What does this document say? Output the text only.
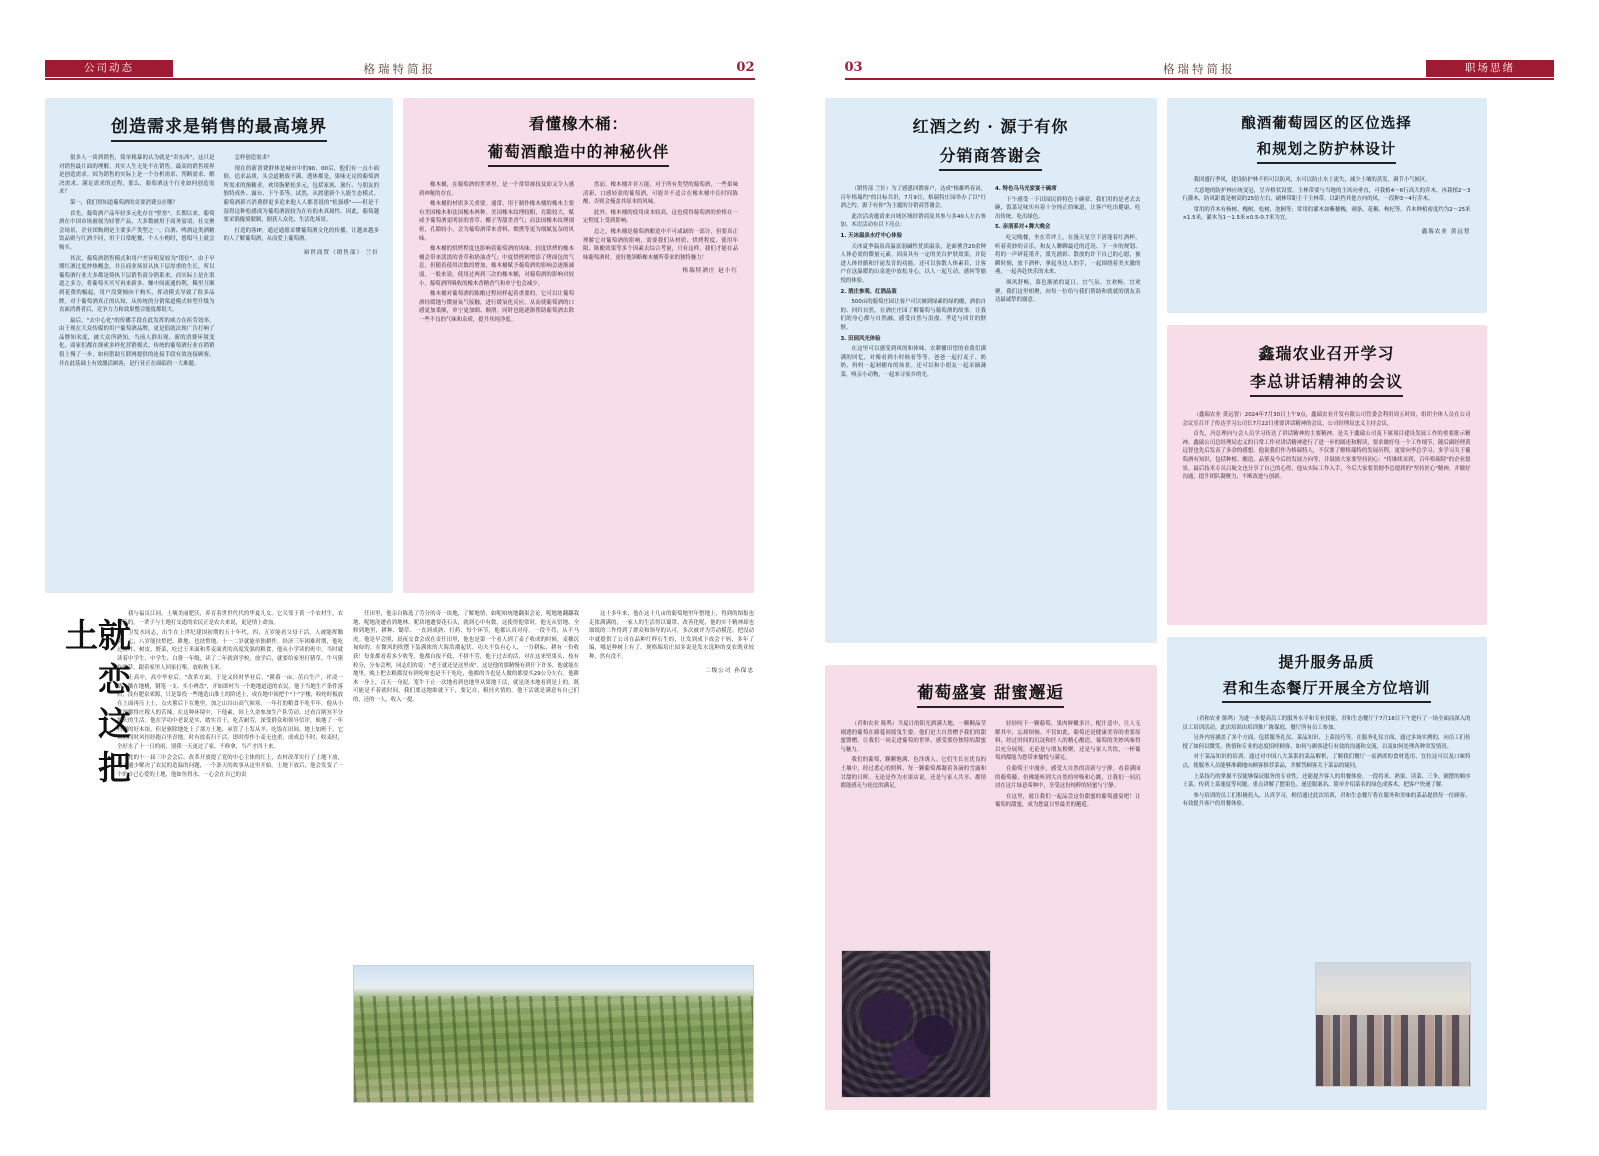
公司动态	格瑞特简报	02
创造需求是销售的最高境界

很多人一谈到销售，简单粗暴的认为就是"卖东西"，这只是对销售最片面的理解。其实人生无处不在销售，最高的销售境界是创造需求。因为销售的实际上是一个分析需求、判断需求、解决需求、满足需求的过程，那么，葡萄酒这个行业如何创造需求？

第一，我们得知道葡萄酒的首要消费点在哪？

首先，葡萄酒产品年轻多元化存在"壁垒"。长期以来，葡萄酒在中国市场被视为轻奢产品，大多数被用于商务宴请、社交聚会场景，企业团购则是主要多产类型之一。白酒、啤酒这类酒精饮品则与红酒不同，用于日常配餐、个人小酌时，悠唱马上就会购买。

其次，葡萄酒销售模式和用户差异明显较为"错位"。由于早期红酒过度炒热概念，并且商业场景认执下层厚重的生长，所以葡萄酒行业大多都是倚执下层销售商分销系来，而实际上是在渠道之多力，将葡萄买买写再来新多。赚中间流通的利，稀里互顺到花费的幅起，用户没费倾向于购买，挥动模式导致了很多品牌，对于葡萄酒真正的认知，从传统的分销渠道模式转型升级为直面消费者后，竞争力力和效果整合能度都很大。

最后，"去中心化"的传播手段在此发挥的威力在疾劳效率。由于现在大众传媒的用户葡萄酒品牌，更是倡就次现广告打响了品牌知名度，被大众所熟知。当前人群出现、新的消费环境变化，商家们都在探索多样化营销模式。传统的葡萄酒行业在销销倡上慢了一步，如何借助互联网提供的连接手段有效连接顾客，并在此基础上有效激活顾客，是行业正在面临的一大难题。

怎样创造需求？

现在的新消费群体是城市中的90、00后，他们有一点小面俗，追求品质，头会道精致不满、透体都是，果味无足的葡萄酒所需求的渐糖求。欢用脂紧松多元，包括家族、旅行、与朋友的独特成外、露台、下午茶等。试然，从渡建新个人能生态模式。葡萄酒新兴消费群更多追来他人人都喜说的"松强感"——但是干湿得这种松感成为葡萄酒液较为在有的木真属性。因此，葡萄越要采锅傻境眠制，据获人众化、生活化场景。

打造的客IP，通过通愿采懂葡萄酒文化的传播，让越来越多的人了解葡萄酒，从而爱上葡萄酒。

裕世商贸（销售部） 兰针
看懂橡木桶：
葡萄酒酿造中的神秘伙伴

橡木桶，在葡萄酒的世界里，是一个常常被技及却又令人感到神秘的存在。

橡木桶的材质多关重要。通常、用于制作橡木桶的橡木主要有美国橡木和法国橡木两种。美国橡木纹理较粗，孔隙较大，赋咸予葡萄酒更明显的香草、椰子等甜美香气；而法国橡木纹理细密，孔隙较小，会为葡萄酒带来香料、烟熏等更为细腻复杂的风味。

橡木桶的烘烤程度也影响着葡萄酒的风味。轻度烘烤的橡木桶会带来淡淡的香草和奶油香气；中度烘烤则增添了烤面包的气息，但随着使用次数的增加，橡木桶赋予葡萄酒的影响会逐渐减弱，一般来说，使用过两到三次的橡木桶，对葡萄酒的影响对较小，葡萄酒所吸收的橡木香精香气和单宁也会减少。

橡木桶对葡萄酒的陈酿过程同样起着重要的。它可以让葡萄酒轻缓地与微量氧气接触，进行缓氧化反应，从而使葡萄酒的口感更加柔顺，单宁更加细、顺滑。同时也能逐渐帮助葡萄酒去除一些不良的气味和杂质，提升其纯净度。

然而，橡木桶并非万能，对于所有类型的葡萄酒，一些果味清新、口感轻盈的葡萄酒，可能并不适合在橡木桶中长时间陈酿，否则会掩盖其原本的风味。

此外，橡木桶的使用成本较高，这也使得葡萄酒的价格在一定程度上受到影响。

总之，橡木桶是葡萄酒酿造中不可或缺的一部分，但要真正理解它对葡萄酒的影响，需要我们从材质、烘烤程度、使用年限、陈酿效果等多个因素去综合考量，只有这样，我们才能在品味葡萄酒时，更好地领略橡木桶所带来的独特魅力！

格瑞特酒庄 赵小红
就恋这把土

我与福员江同，土壤美丽肥沃，养育着世世代代的华夏儿女。它关邻于黄一个农村生，农村长的，一辈子与土地打交道的农民正是农夫来说，更是情上命血。

卫发水同志，出生在上世纪建国初期的五十年代，四、五岁能看父母干活，人被能挥锄头，七、八岁能扶犁把、耕地、也扶犁地，十一二岁就能单独耕作。经济三年困难时期，他吃过树叶、树皮、野菜，吃过王米面和荞麦面煮的高度发强的粮食，他从小学读的班中，当时就读着中学生、中学生、白费一年级，读了二年就到学校，放学后，就要给家里打猪草、牛马猪吃的草，跟着家里人回家打柴，放收秋玉米。

上高中，高中毕业后，"改革方面，于是又经时毕业后，"耕暮一亩、茁白生产，评凌一路、锄在地桃，钢笔一支、买小辨盘"，开始即村当一个地地道道的农民。他于当地生产条件落后，没有肥泉来源，只是靠投一些地造山淮土的阶述上，成在地中间把个"十"字楼，收纶时板放在上面再压上土，点火薰后下在地里，加之山谷山高气候寒。一年打的粮食不吃半年。他从小就深解得庄稼人的苦辣，在这种环境中，下他素，因上久余参加生产队劳动、过看百剐冥半分割天的生活。他在学功中老说是实，踏实肯干，吃苦耐劳，深受群众和领导信评，候地了一年村副的好木组，但是驱除地处上了那方土地，承管了上发从羊、吃饭在田间、地上加班干，它自然同时风恒经跑百里青地，时有放着扫干活，即时得作小麦无也重，成成总不时，收麦时，全好水了十一日的雨，别我一天更过了家，不修拿，当产才四十来。

党的十一届三中会会后，改革开放提了党的中心主体的红上，农村改革实行了土地下放，这才通少解决了农民的造温的问题，一个条天的故事从这里开始。土地下放后，他会发变了一个的自已心爱的土地，他如鱼得水，一心会在自己的责

任田里，他亲自陈选了劳分的奇一块地，了解地情，如呢咱统地翻果会论，呢地地翻翻栽地、呢地浇遷看到地林、呢块地遷要花石头，就到心中有数，这使得他常时，他无从窑地、全修到地里，耕种、锄草、一直到成熟、打药、每个环节，他都认真对待。一段不苟，从不马虎。他是早会照、晨夜交食会成在责任田里，他也是第一个看人到了麦子收成的时候，麦穗沉甸甸的，在微风的吹摆下装满浓的大海浩潮起伏。功夫不负有心人，一分耕耘、耕有一份收获！每张都看着多少收等，他都自报不低，不拼不劳，他于过去的活，对在这来堅果头、枝有粒分，分布会理，同志们的说："老王就还是这里成"、这是他的那精慢有到什下许多，他就能在地里，晚上把去粮都没有到吃啦也是不干吃吃，他都的当也是人做的都要买29公分左右。他耕木一身上，百天一身泥，笼牛干止一次地看到也地里从果地干活，就是浇水地看到是上的。既可能是不着就时间，我们要这地维就下干，要记自，粗挂火情的。他干活就是满意有自己们的，还的一人，收入一提。

这十多年来，他在这十几亩的葡萄地里年整地上，得到的图报也走浓满满的，一家人的生活得以蜀罩、改善化呢，他的实干精神却也细纸的三作得到了群众和领导的认可，多次被评为劳动模范，把没动中就提供了公司在品种红样石生的，让发到成下成会干妈，多年了编，哪是种树上有了。现格瑞培庄园多说是发水选种的变农既业较种，然有没不。

二级公司 孙保忠
03	格瑞特简报	职场思绪
红酒之约 · 源于有你
分销商答谢会

（销售部 兰针）为了感恩回馈客户，达成"根雄鸣春词，百年格瑞约"的目标共识，7月9日，格瑞特庄园举办了以"红酒之约，源于有你"为主题的分销商答谢会。

此次活动邀请来自域区域经销商及其参与多40人左右参加。本次活动有以下亮点：

1. 天冰温泉水疗中心体验

天冰夏季温泉高温富弱碱性优质温泉，是面蓍含20余种人体必需的微量元素。因而具有一定的美白护肤效果，并促进人体骨骼和汗泌发育的功能。还可以弥散人体素若，让客户在这温暖的山泉池中放松身心，以人一起互动，感何等愉悦的体验。

2. 酒庄参观、红酒品鉴

500亩的葡萄庄园让客户可以倾到绿素的绿的缠，酒拍自的、回归自然，在酒庄庄园了解葡萄与葡萄酒的故事。让我们的身心都与自然融，感受自然与浪漫、孝适与回甘的惬惬。

3. 田园风光体验

在这里可以感受到风的和体味、农耕播田望的看我们满满的回忆，对像看到小时候看等等、爸爸一起打麦子、奶奶、妈妈一起剁捕布的场景。还可以和小朋友一起采摘蔬菜，嗅亲小动物，一起来寻家乡的光。

4. 特色乌马光家宴十碗席

下午感受一下田园民俗特色十碗席，我们用的是老式去碗，饭菜足味实有着十分纯正的味道，让客户吃出健康、吃出传统、吃出绿色。

5. 亲朋系对+舞大晚会

吃完晚餐，坐在草坪上，在漫天星空下溶蓬着红酒杯，听着英妙的音乐，和友人聊聊最近的近况、下一步的规划、将的一声砰花墨开，派光浦彩、散放的许下自己的心愿，被瞬时刻，放下酒杯，拿起身边人的手，一起围绕着美火激的燕，一起奔赴快乐的未来。

飒风舒畅，慕色渐浓的夏日，宜气氛、宜欢畅、宜欢聚，我们这里相聚，向每一位给与我们帮助和就就的朋友表达最诚挚的谢意。

葡萄盛宴 甜蜜邂逅

（君和农业 陈鸣）当夏日的阳光洒满大地，一颗颗晶莹剔透的葡萄在藤蔓间摇曳生姿。他们是大自然赠予我们的甜蜜馈赠。让我们一同走进葡萄的世界，感受那份独特的甜蜜与魅力。

我们的葡萄，颗颗饱满、色泽诱人。它们生长在优良的土壤中，经过悉心的照料、每一颗葡萄都凝着各滴的雪露和甘甜的日晖。无论是作为水果店说，还是与家人共享、都情都能感无与伦比的满足。

轻轻咬下一颗葡萄，果肉鲜嫩多汁，配汁适中，让人无解其中，忘却烦恼。不仅如此，葡萄还是健康美容的重要原料，经过时间的沉淀和匠人的精心酿造，葡萄的美妙风味得以充分展现。无论是与朋友相聚、还是与家人共饮，一杯葡萄到都能为您带来愉悦与满足。

在葡萄王中漫步，感受大自然的清新与宁静。看着满园的葡萄藤，仿佛能听到大自然的呼吸和心跳，让我们一同沉浸在这片绿意希种中，享受这份纯粹的轻蜜与宁静。

在这里，就让我们一起品尝这份甜蜜的葡萄盛宴吧！让葡萄的甜蜜，成为您夏日里最美的邂逅。

酿酒葡萄园区的区位选择
和规划之防护林设计

我国盛行季风，建设防护林不但可以防风，水可以防止水土流失，减少土壤的蒸发，调节小气候区。

大意地的防护林应统变冠，呈弄格状设置。主林带要与当地的主风向垂直，可我植4～6行高大的乔木，再栽植2～3行灌木，防风距离是树高的25倍左右。副林带距主干主林带，以距挡其他方向的风，一段种3～4行乔木。

常用的乔木有杨树、槐树、松树、泡桐等；常用的灌木如紫穗槐，刺条、花椒、枸杞等。乔木种植密度约为2～25米×1.5米，灌木为1～1.5米×0.5-0.7米为宜。

鑫瑞农业 黄远智
鑫瑞农业召开学习
李总讲话精神的会议

（鑫瑞农业 黄远智）2024年7月30日上午9点，鑫瑞农业开发有限公司管委会利用周五时间，组织全体人员在公司会议室召开了传达学习公司长7月22日重要讲话精神的会议，公司经理局忠义主持会议。

首先，冯总理向与会人员学习传达了讲话精神的主要精神，是关于鑫瑞公司及下属项目建设发展工作的重要批示精神、鑫瑞公司总经理局忠义的日常工作对讲话精神进行了进一步的圆述和解读，要求做好每一个工作细节，随后副经理黄远智也先后发表了多余的感想。他说我们作为格瑞特人，不仅要了解格瑞特的发展历程，更要向李总学习，多学习关于葡萄酒有知识，包括种植、酿造、品鉴及今后的发展方向等，并鼓励大家要坚持初心："将继续采到，百年格瑞特"的企业愿景，最后技术专员吕航文也分享了自己的心得，他从实际工作入手，今后大家要贯彻李总提到的"坚持匠心"精神，并做好沟通，提升团队凝聚力，不断改进与创新。

提升服务品质
君和生态餐厅开展全方位培训

（君和农业 陈鸣）为进一步提高员工的服务水平和专业技能，君和生态餐厅于7月16日下午进行了一场全面而深入的员工培训活动。此次培训由培训推广陈保庭、餐厅所有员工参加。

另外内容涵盖了多个方面，包括服务礼仪、菜品知识、上菜技巧等。在服务礼仪方面，通过多场实例的，向员工们传授了如何以微笑、热情和专业的态度招呼顾客，如何与顾客进行有效的沟通和交流，以及如何处理各种突发情况。

对于菜品知识的培训，通过对中国八大菜系的菜品解析，了解我们餐厅一桌酒席的食材选用、宜拉这可以及口味特点，使服务人员能够准确地向顾客推荐菜品，并解答顾客关于菜品的疑问。

上菜技巧的掌握不仅能够保证服务的专业性，还能提升客人的用餐体验。一段将米、熟果、读菜、三争、铺摆的顺序上菜，传到上菜速度等问题。重点讲解了摆果色、递送服案名、简单介绍菜名的绿色成客术，把客户快递了解。

参与培训的员工们积极投入、认真学习，相信通过此次培训，君和生态餐厅将在服务和美味的菜品提供每一位顾客、有效提升客户的用餐体验。
